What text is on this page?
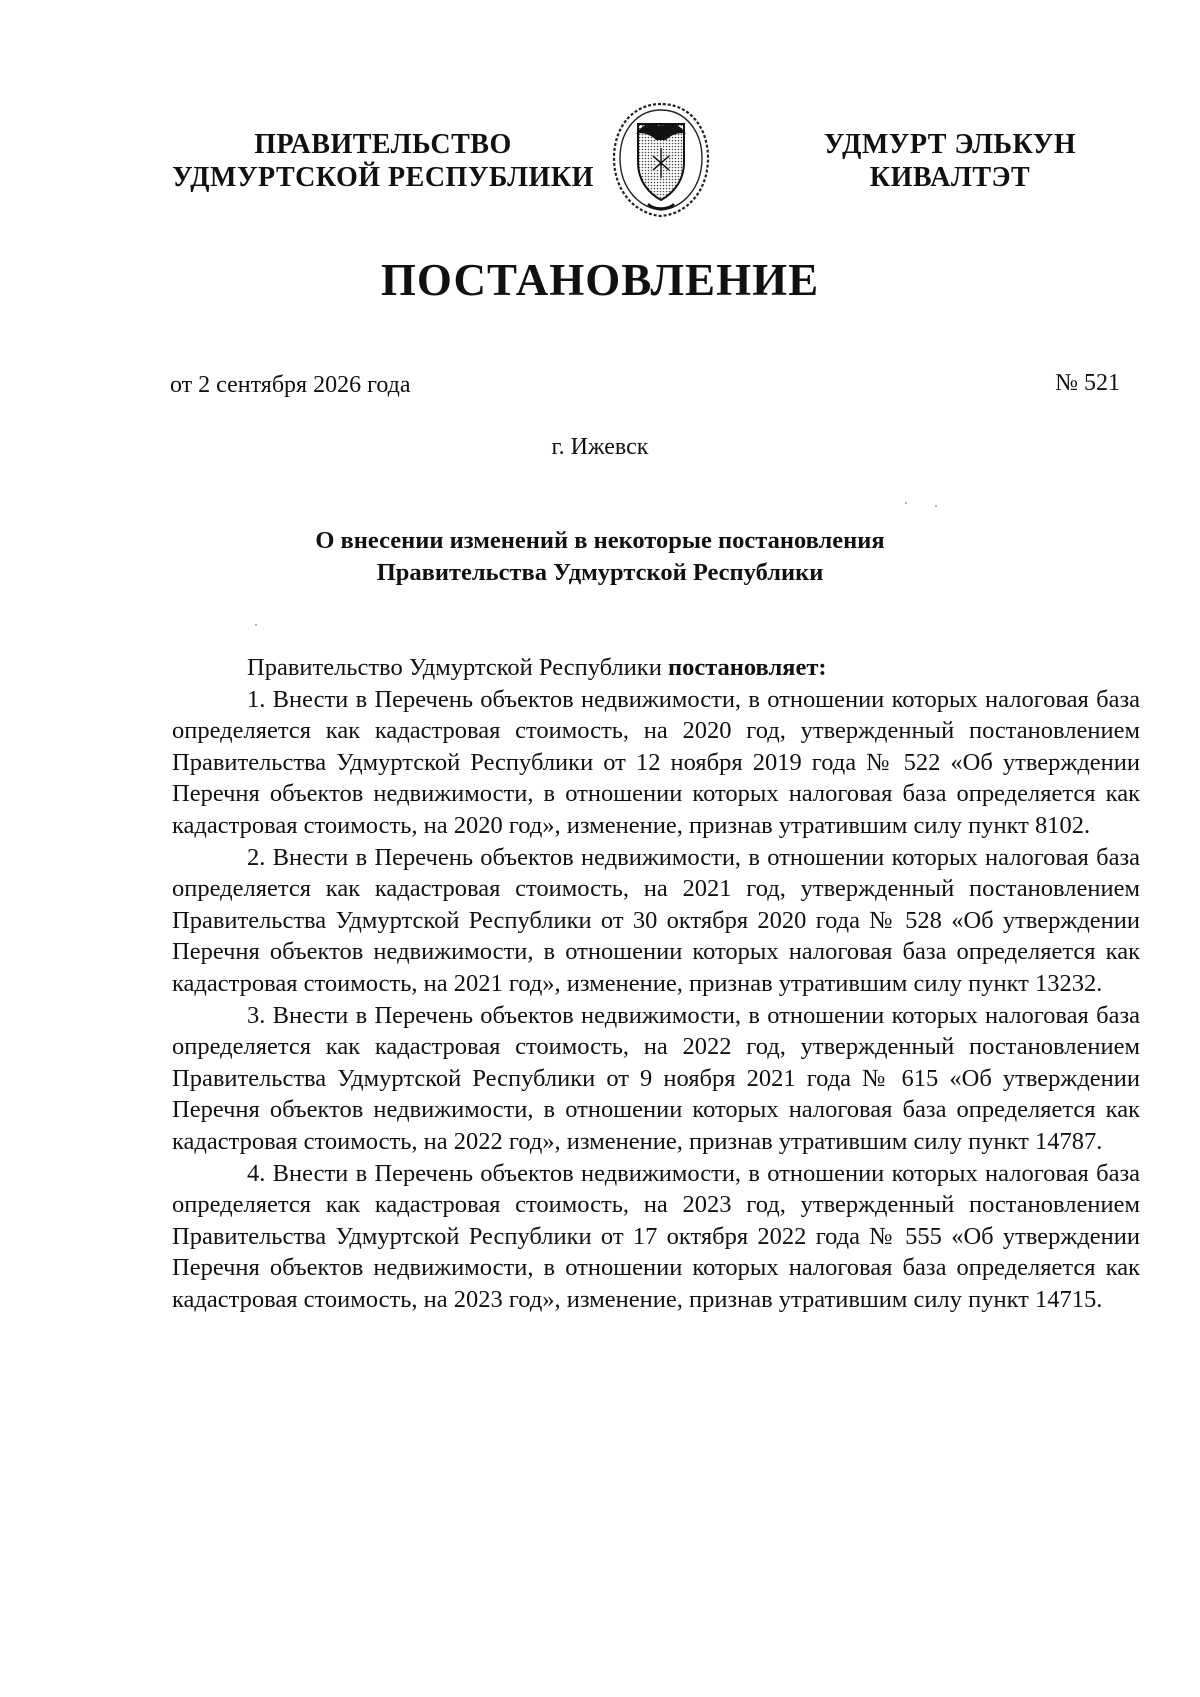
ПРАВИТЕЛЬСТВО
УДМУРТСКОЙ РЕСПУБЛИКИ
УДМУРТ ЭЛЬКУН
КИВАЛТЭТ
ПОСТАНОВЛЕНИЕ
от 2 сентября 2026 года	№ 521
г. Ижевск
О внесении изменений в некоторые постановления
Правительства Удмуртской Республики

Правительство Удмуртской Республики постановляет:

1. Внести в Перечень объектов недвижимости, в отношении которых налоговая база определяется как кадастровая стоимость, на 2020 год, утвержденный постановлением Правительства Удмуртской Республики от 12 ноября 2019 года № 522 «Об утверждении Перечня объектов недвижимости, в отношении которых налоговая база определяется как кадастровая стоимость, на 2020 год», изменение, признав утратившим силу пункт 8102.

2. Внести в Перечень объектов недвижимости, в отношении которых налоговая база определяется как кадастровая стоимость, на 2021 год, утвержденный постановлением Правительства Удмуртской Республики от 30 октября 2020 года № 528 «Об утверждении Перечня объектов недвижимости, в отношении которых налоговая база определяется как кадастровая стоимость, на 2021 год», изменение, признав утратившим силу пункт 13232.

3. Внести в Перечень объектов недвижимости, в отношении которых налоговая база определяется как кадастровая стоимость, на 2022 год, утвержденный постановлением Правительства Удмуртской Республики от 9 ноября 2021 года № 615 «Об утверждении Перечня объектов недвижимости, в отношении которых налоговая база определяется как кадастровая стоимость, на 2022 год», изменение, признав утратившим силу пункт 14787.

4. Внести в Перечень объектов недвижимости, в отношении которых налоговая база определяется как кадастровая стоимость, на 2023 год, утвержденный постановлением Правительства Удмуртской Республики от 17 октября 2022 года № 555 «Об утверждении Перечня объектов недвижимости, в отношении которых налоговая база определяется как кадастровая стоимость, на 2023 год», изменение, признав утратившим силу пункт 14715.
